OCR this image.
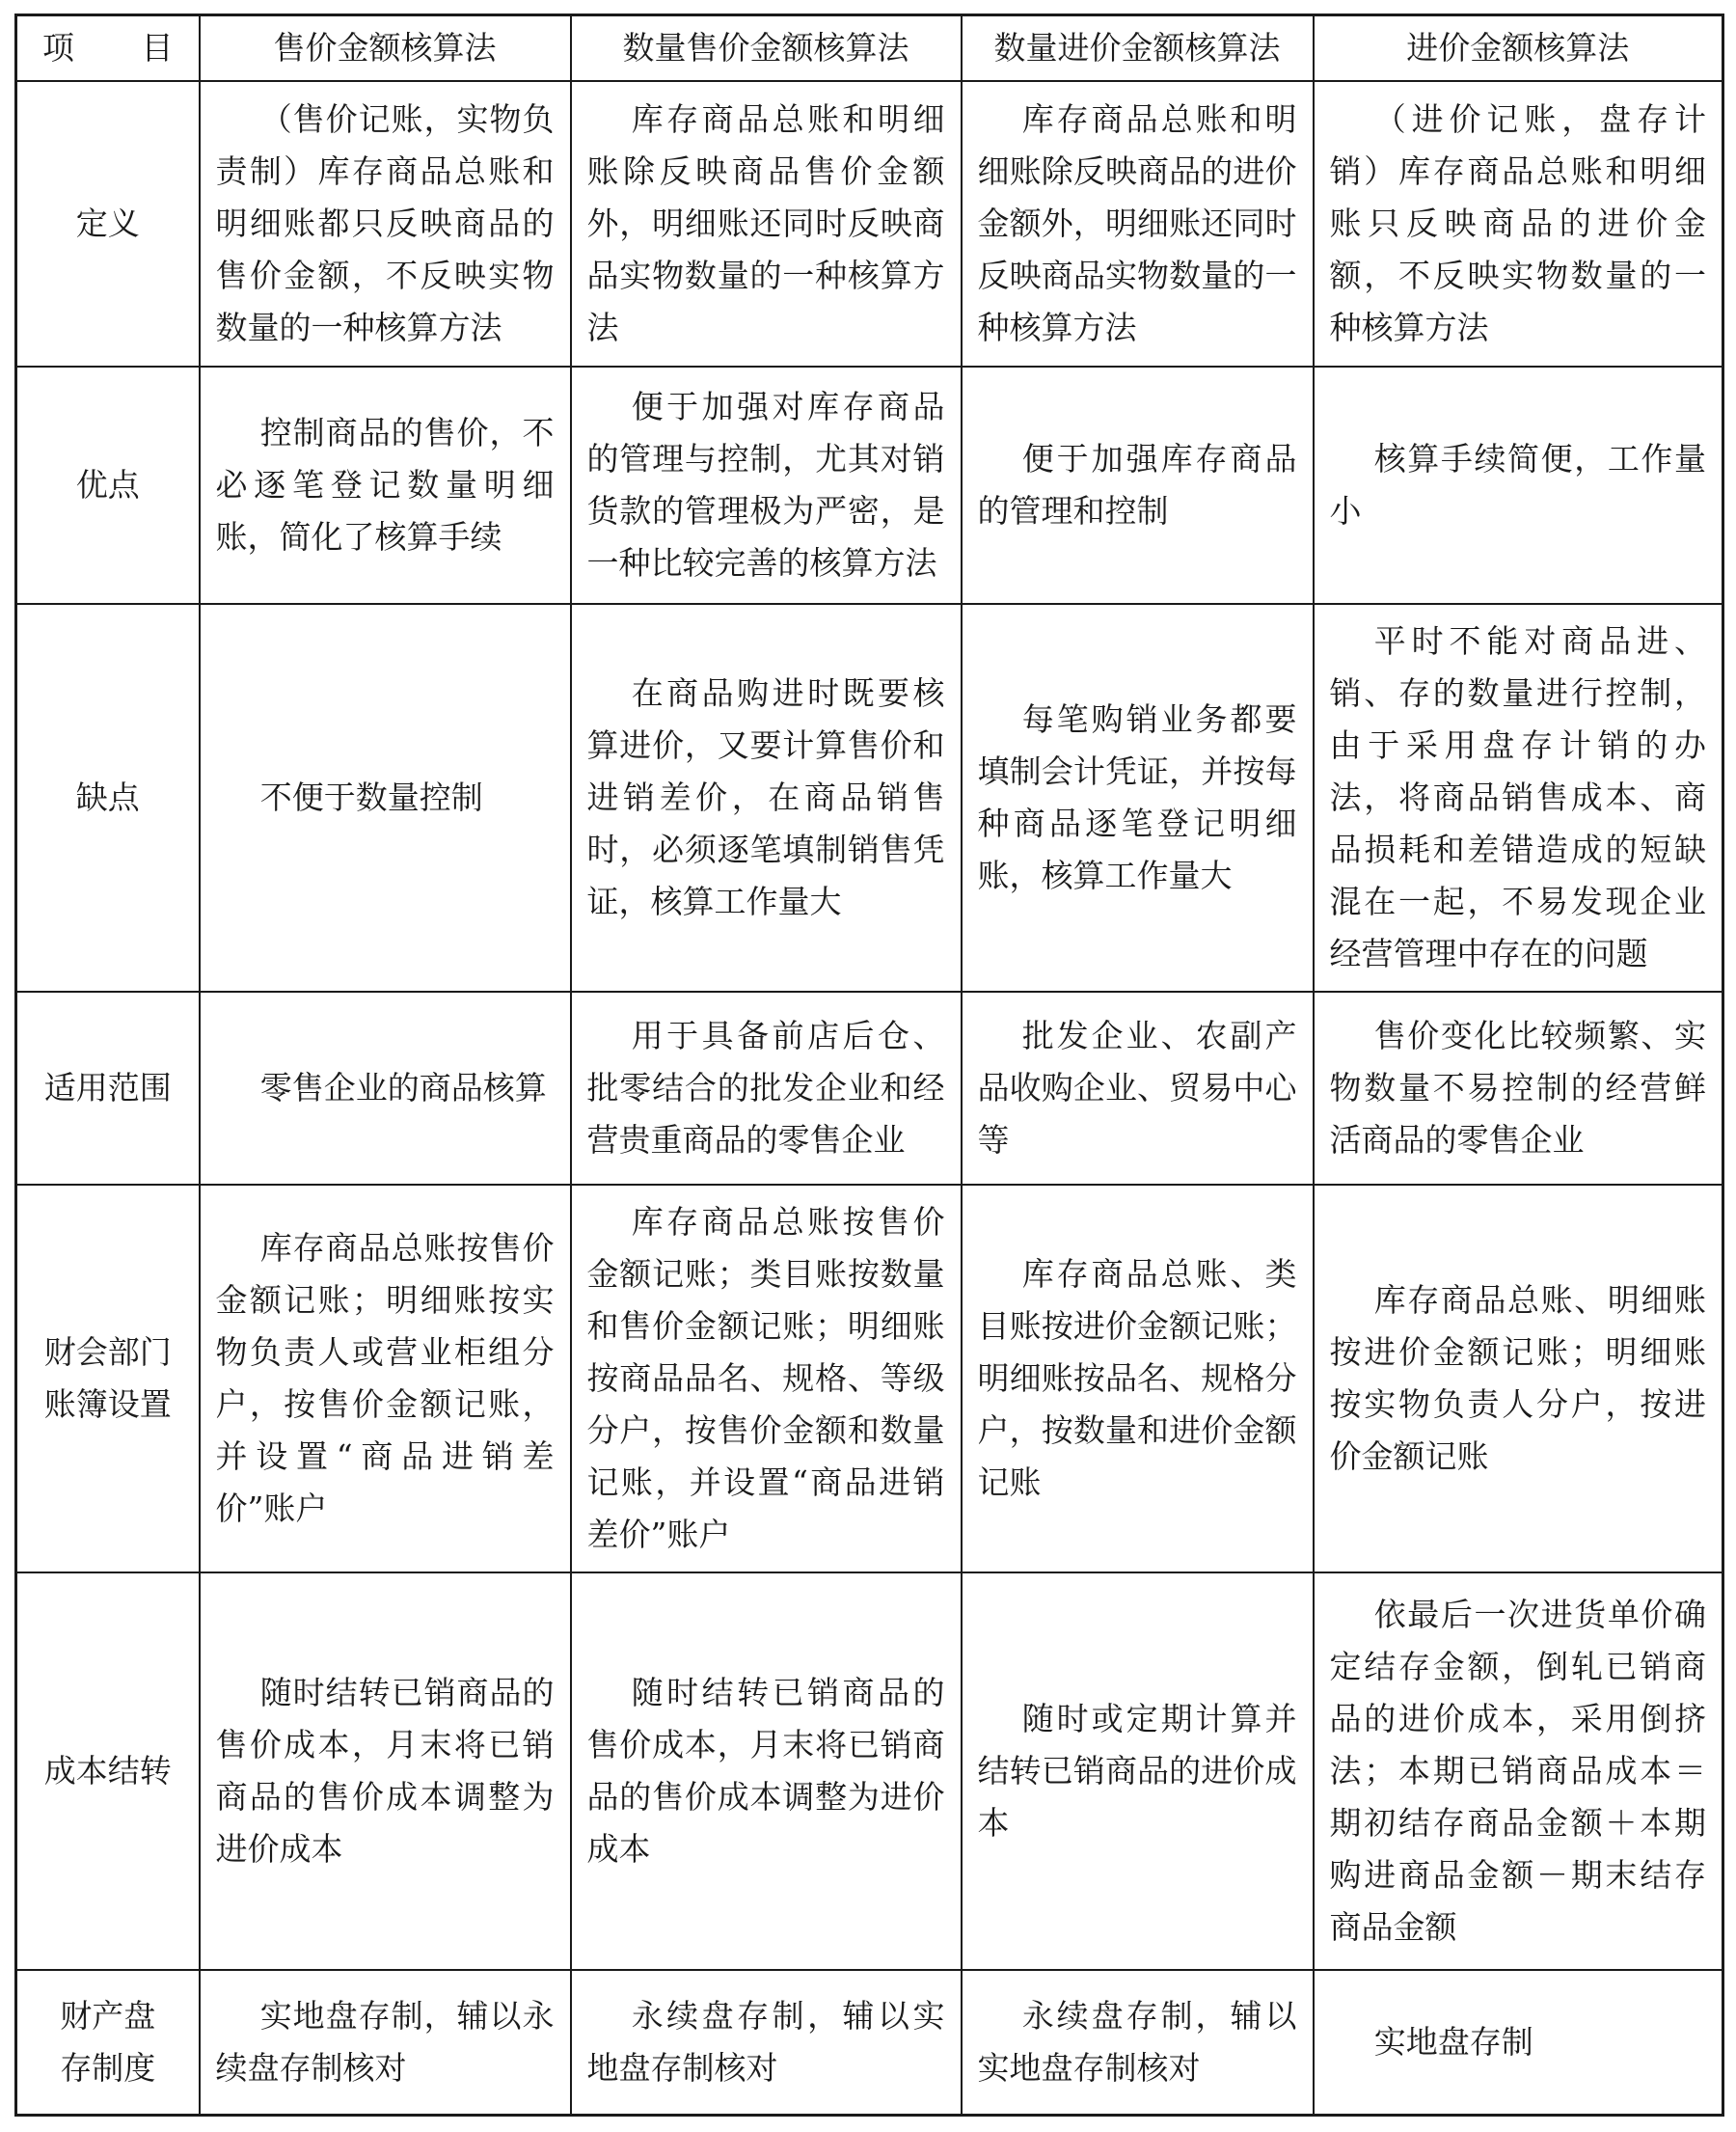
项 目	售价金额核算法	数量售价金额核算法	数量进价金额核算法	进价金额核算法
定义	（售价记账，实物负责制）库存商品总账和明细账都只反映商品的售价金额，不反映实物数量的一种核算方法	库存商品总账和明细账除反映商品售价金额外，明细账还同时反映商品实物数量的一种核算方法	库存商品总账和明细账除反映商品的进价金额外，明细账还同时反映商品实物数量的一种核算方法	（进价记账，盘存计销）库存商品总账和明细账只反映商品的进价金额，不反映实物数量的一种核算方法
优点	控制商品的售价，不必逐笔登记数量明细账，简化了核算手续	便于加强对库存商品的管理与控制，尤其对销货款的管理极为严密，是一种比较完善的核算方法	便于加强库存商品的管理和控制	核算手续简便，工作量小
缺点	不便于数量控制	在商品购进时既要核算进价，又要计算售价和进销差价，在商品销售时，必须逐笔填制销售凭证，核算工作量大	每笔购销业务都要填制会计凭证，并按每种商品逐笔登记明细账，核算工作量大	平时不能对商品进、销、存的数量进行控制，由于采用盘存计销的办法，将商品销售成本、商品损耗和差错造成的短缺混在一起，不易发现企业经营管理中存在的问题
适用范围	零售企业的商品核算	用于具备前店后仓、批零结合的批发企业和经营贵重商品的零售企业	批发企业、农副产品收购企业、贸易中心等	售价变化比较频繁、实物数量不易控制的经营鲜活商品的零售企业
财会部门
账簿设置	库存商品总账按售价金额记账；明细账按实物负责人或营业柜组分户，按售价金额记账，并设置“商品进销差价”账户	库存商品总账按售价金额记账；类目账按数量和售价金额记账；明细账按商品品名、规格、等级分户，按售价金额和数量记账，并设置“商品进销差价”账户	库存商品总账、类目账按进价金额记账；明细账按品名、规格分户，按数量和进价金额记账	库存商品总账、明细账按进价金额记账；明细账按实物负责人分户，按进价金额记账
成本结转	随时结转已销商品的售价成本，月末将已销商品的售价成本调整为进价成本	随时结转已销商品的售价成本，月末将已销商品的售价成本调整为进价成本	随时或定期计算并结转已销商品的进价成本	依最后一次进货单价确定结存金额，倒轧已销商品的进价成本，采用倒挤法；本期已销商品成本＝期初结存商品金额＋本期购进商品金额－期末结存商品金额
财产盘
存制度	实地盘存制，辅以永续盘存制核对	永续盘存制，辅以实地盘存制核对	永续盘存制，辅以实地盘存制核对	实地盘存制
